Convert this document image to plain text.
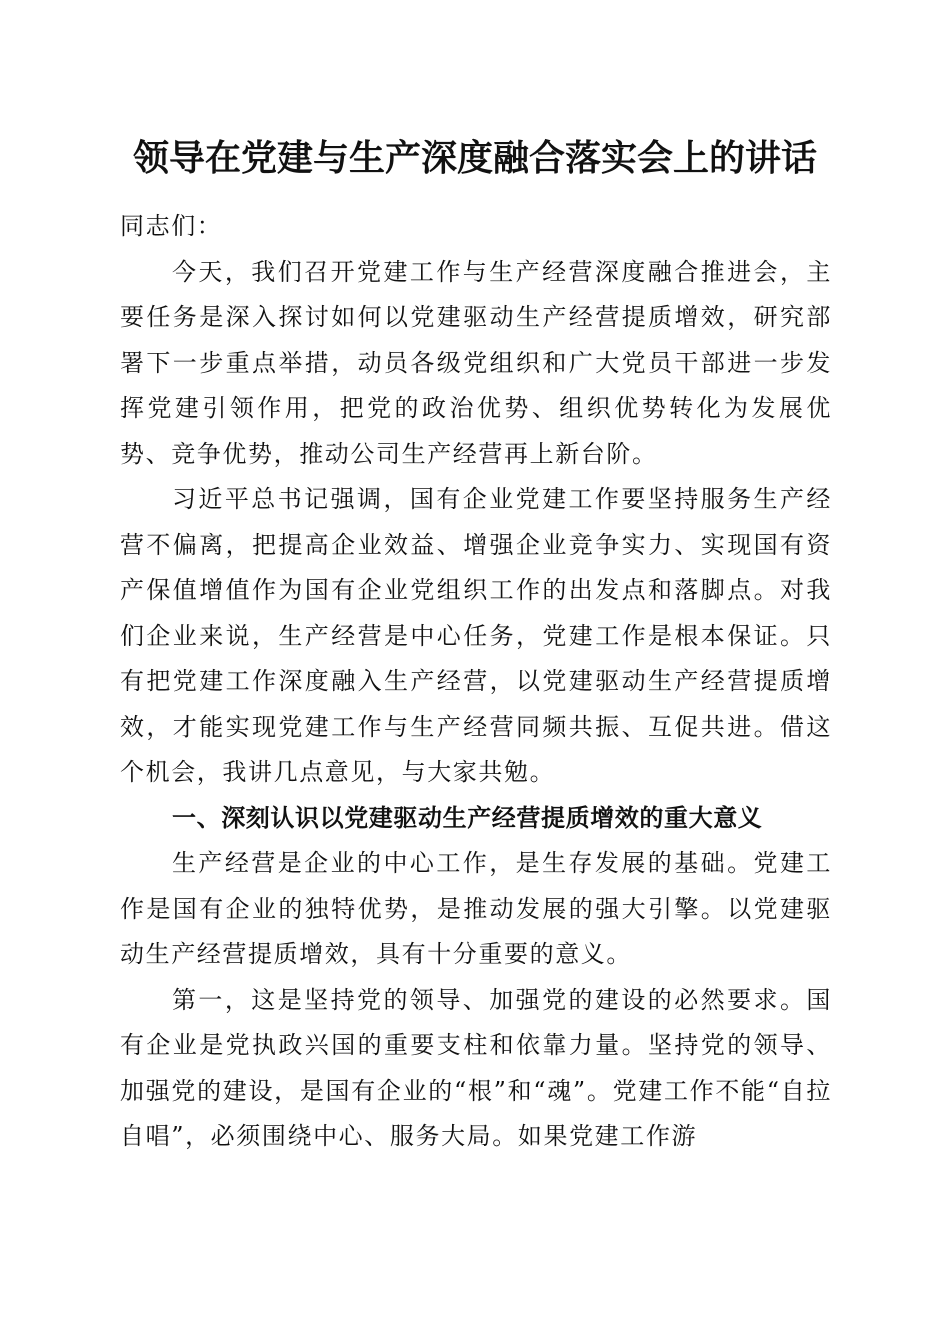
领导在党建与生产深度融合落实会上的讲话

同志们：

今天，我们召开党建工作与生产经营深度融合推进会，主要任务是深入探讨如何以党建驱动生产经营提质增效，研究部署下一步重点举措，动员各级党组织和广大党员干部进一步发挥党建引领作用，把党的政治优势、组织优势转化为发展优势、竞争优势，推动公司生产经营再上新台阶。

习近平总书记强调，国有企业党建工作要坚持服务生产经营不偏离，把提高企业效益、增强企业竞争实力、实现国有资产保值增值作为国有企业党组织工作的出发点和落脚点。对我们企业来说，生产经营是中心任务，党建工作是根本保证。只有把党建工作深度融入生产经营，以党建驱动生产经营提质增效，才能实现党建工作与生产经营同频共振、互促共进。借这个机会，我讲几点意见，与大家共勉。

一、深刻认识以党建驱动生产经营提质增效的重大意义

生产经营是企业的中心工作，是生存发展的基础。党建工作是国有企业的独特优势，是推动发展的强大引擎。以党建驱动生产经营提质增效，具有十分重要的意义。

第一，这是坚持党的领导、加强党的建设的必然要求。国有企业是党执政兴国的重要支柱和依靠力量。坚持党的领导、加强党的建设，是国有企业的“根”和“魂”。党建工作不能“自拉自唱”，必须围绕中心、服务大局。如果党建工作游
